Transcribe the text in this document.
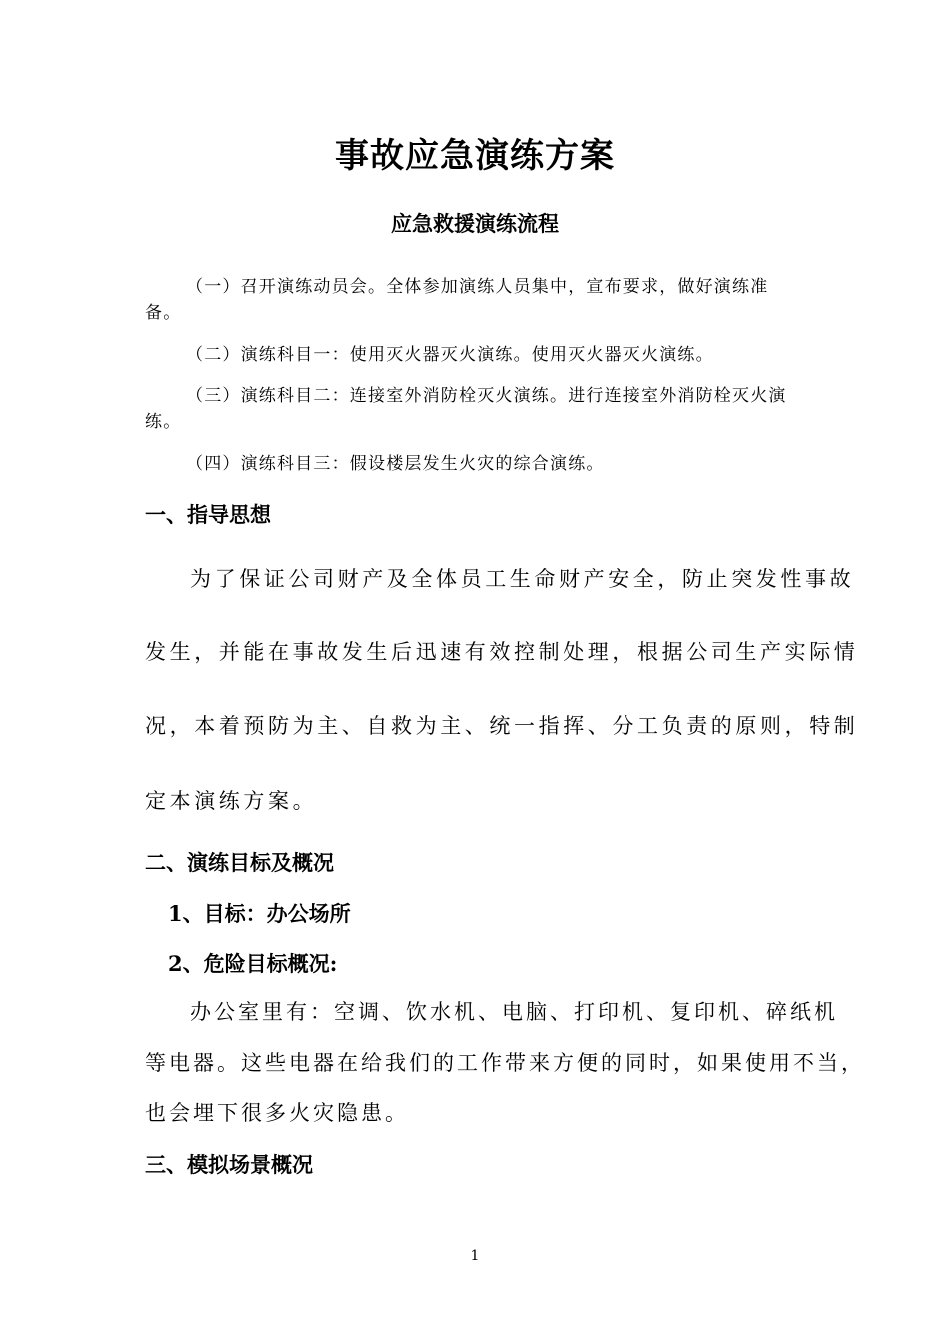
事故应急演练方案
应急救援演练流程
（一）召开演练动员会。全体参加演练人员集中，宣布要求，做好演练准
备。
（二）演练科目一：使用灭火器灭火演练。使用灭火器灭火演练。
（三）演练科目二：连接室外消防栓灭火演练。进行连接室外消防栓灭火演
练。
（四）演练科目三：假设楼层发生火灾的综合演练。
一、指导思想
为了保证公司财产及全体员工生命财产安全，防止突发性事故
发生，并能在事故发生后迅速有效控制处理，根据公司生产实际情
况，本着预防为主、自救为主、统一指挥、分工负责的原则，特制
定本演练方案。
二、演练目标及概况
1、目标：办公场所
2、危险目标概况:
办公室里有：空调、饮水机、电脑、打印机、复印机、碎纸机
等电器。这些电器在给我们的工作带来方便的同时，如果使用不当，
也会埋下很多火灾隐患。
三、模拟场景概况
1
